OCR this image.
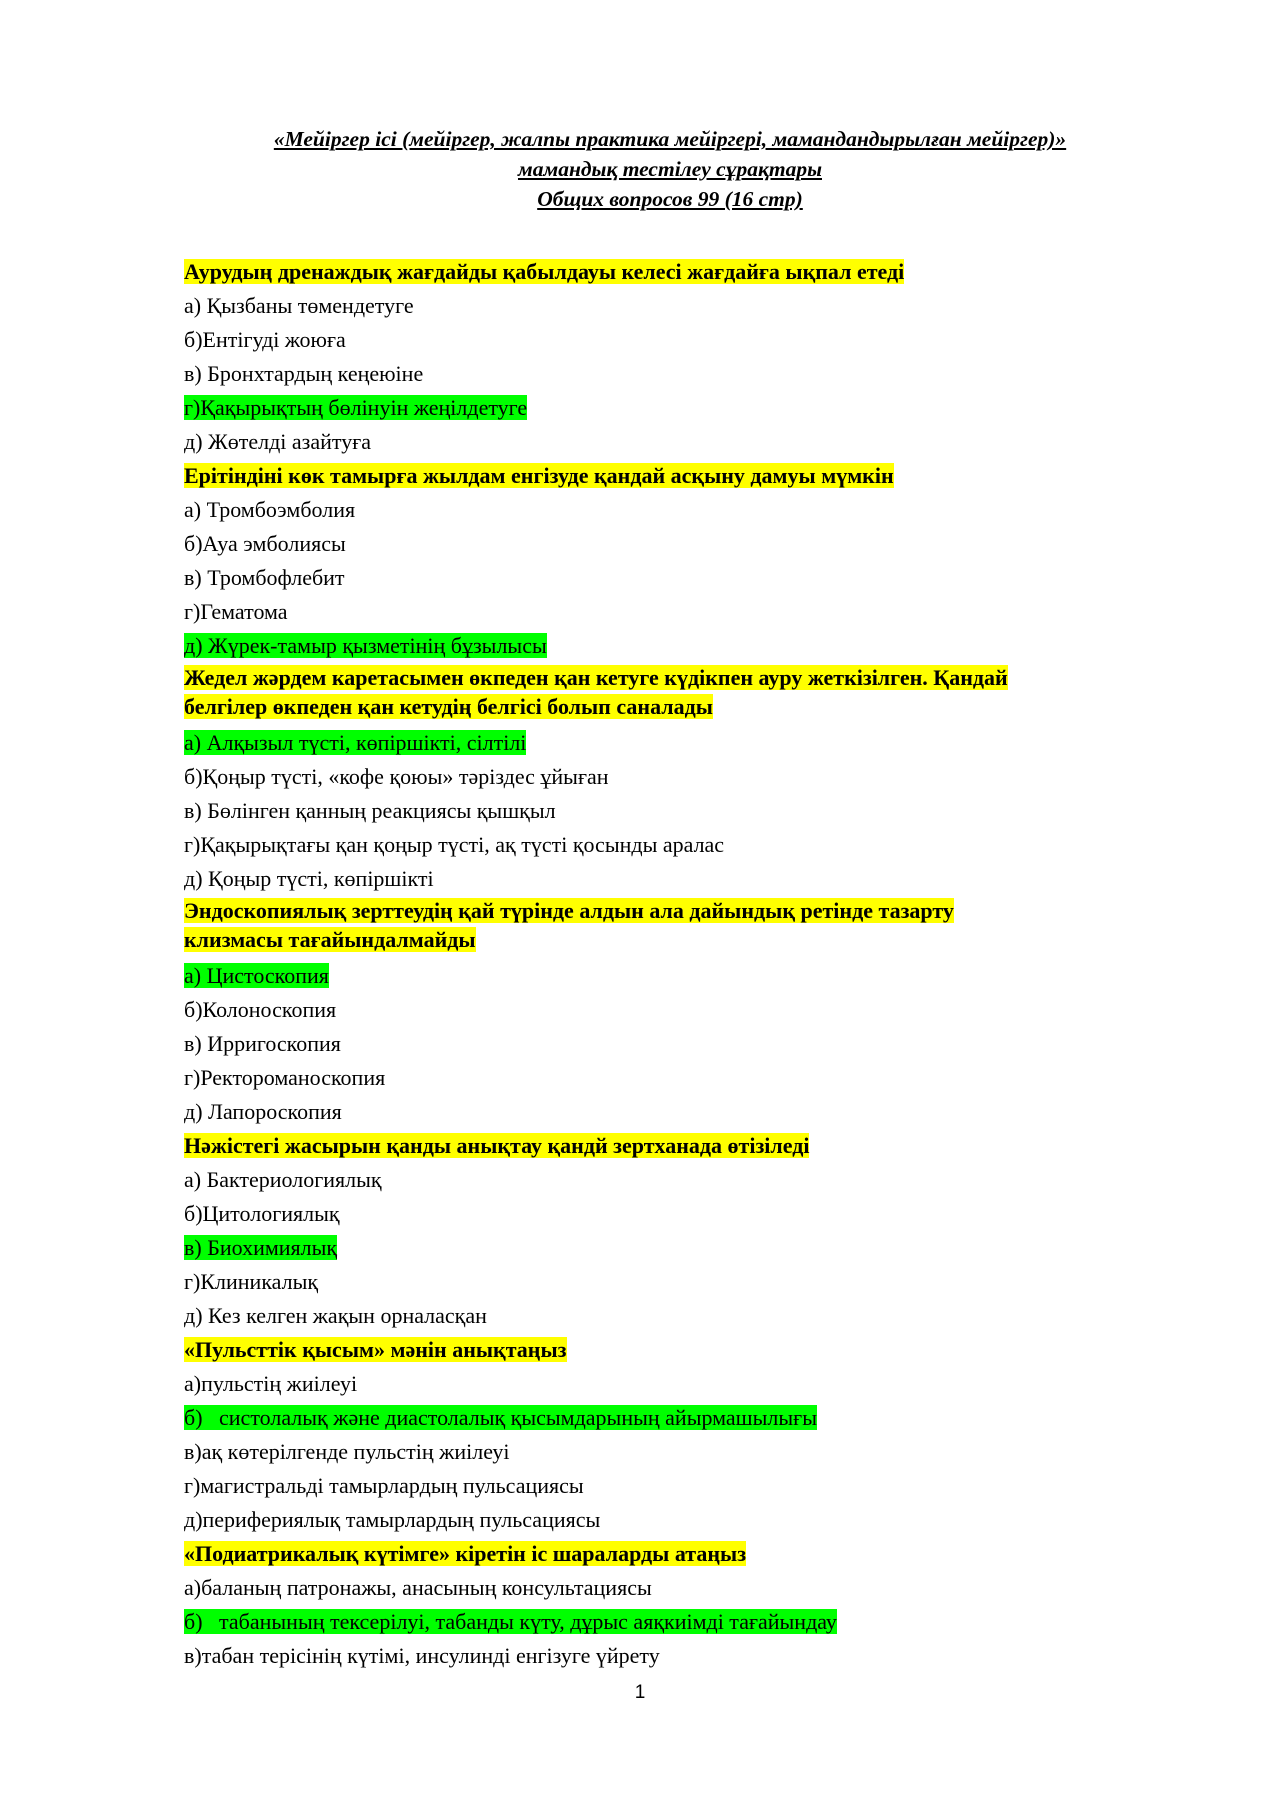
«Мейіргер ісі (мейіргер, жалпы практика мейіргері, мамандандырылған мейіргер)»
мамандық тестілеу сұрақтары
Общих вопросов 99 (16 стр)
Аурудың дренаждық жағдайды қабылдауы келесі жағдайға ықпал етеді
а) Қызбаны төмендетуге
б)Ентігуді жоюға
в) Бронхтардың кеңеюіне
г)Қақырықтың бөлінуін жеңілдетуге
д) Жөтелді азайтуға
Ерітіндіні көк тамырға жылдам енгізуде қандай асқыну дамуы мүмкін
а) Тромбоэмболия
б)Ауа эмболиясы
в) Тромбофлебит
г)Гематома
д) Жүрек-тамыр қызметінің бұзылысы
Жедел жәрдем каретасымен өкпеден қан кетуге күдікпен ауру жеткізілген. Қандай
белгілер өкпеден қан кетудің белгісі болып саналады
а) Алқызыл түсті, көпіршікті, сілтілі
б)Қоңыр түсті, «кофе қоюы» тәріздес ұйыған
в) Бөлінген қанның реакциясы қышқыл
г)Қақырықтағы қан қоңыр түсті, ақ түсті қосынды аралас
д) Қоңыр түсті, көпіршікті
Эндоскопиялық зерттеудің қай түрінде алдын ала дайындық ретінде тазарту
клизмасы тағайындалмайды
а) Цистоскопия
б)Колоноскопия
в) Ирригоскопия
г)Ректороманоскопия
д) Лапороскопия
Нәжістегі жасырын қанды анықтау қандй зертханада өтізіледі
а) Бактериологиялық
б)Цитологиялық
в) Биохимиялық
г)Клиникалық
д) Кез келген жақын орналасқан
«Пульсттік қысым» мәнін анықтаңыз
а)пульстің жиілеуі
б)   систолалық және диастолалық қысымдарының айырмашылығы
в)ақ көтерілгенде пульстің жиілеуі
г)магистральді тамырлардың пульсациясы
д)перифериялық тамырлардың пульсациясы
«Подиатрикалық күтімге» кіретін іс шараларды атаңыз
а)баланың патронажы, анасының консультациясы
б)   табанының тексерілуі, табанды күту, дұрыс аяқкиімді тағайындау
в)табан терісінің күтімі, инсулинді енгізуге үйрету
1
